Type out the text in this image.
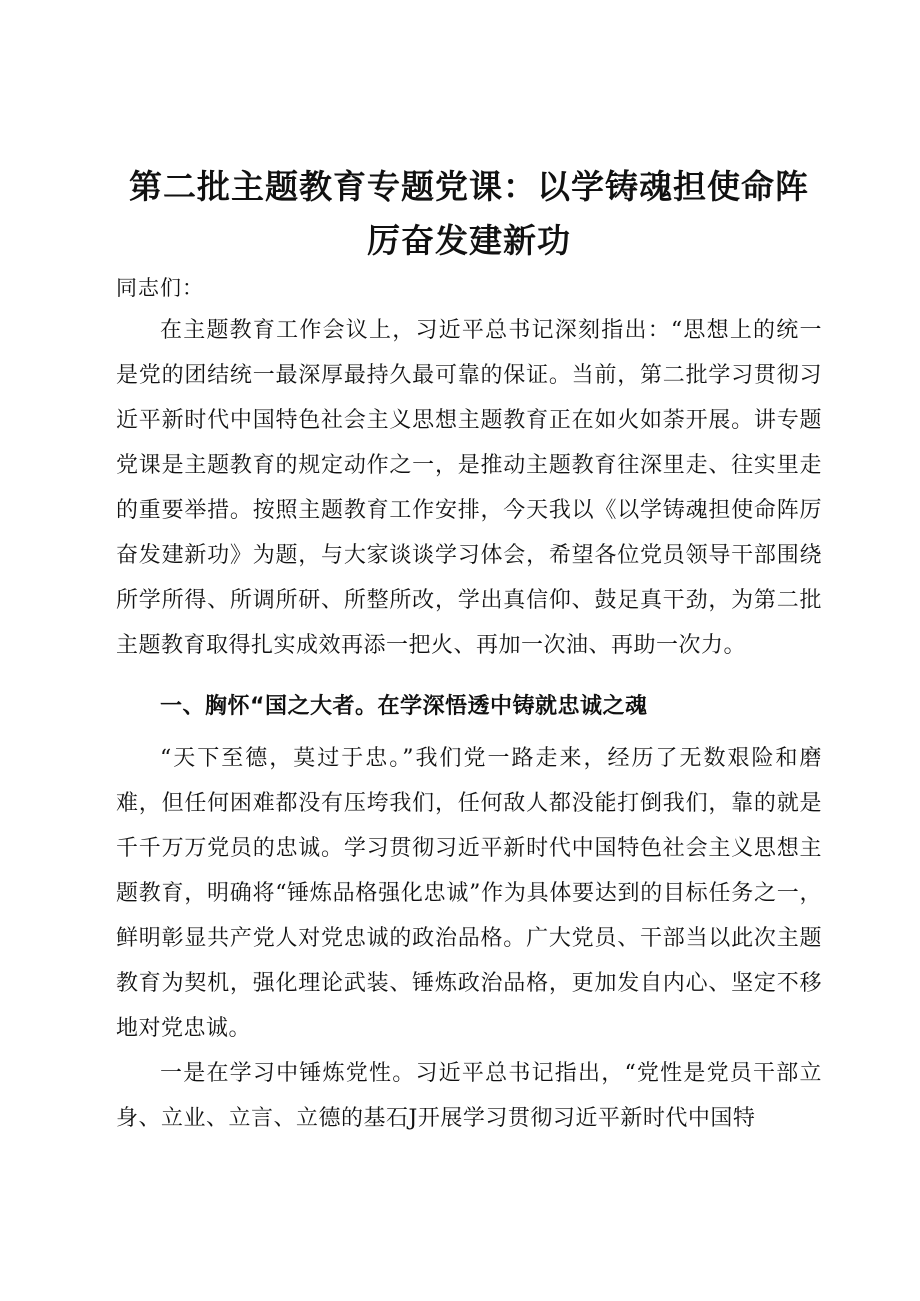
第二批主题教育专题党课：以学铸魂担使命阵
厉奋发建新功

同志们：

在主题教育工作会议上，习近平总书记深刻指出：“思想上的统一是党的团结统一最深厚最持久最可靠的保证。当前，第二批学习贯彻习近平新时代中国特色社会主义思想主题教育正在如火如荼开展。讲专题党课是主题教育的规定动作之一，是推动主题教育往深里走、往实里走的重要举措。按照主题教育工作安排，今天我以《以学铸魂担使命阵厉奋发建新功》为题，与大家谈谈学习体会，希望各位党员领导干部围绕所学所得、所调所研、所整所改，学出真信仰、鼓足真干劲，为第二批主题教育取得扎实成效再添一把火、再加一次油、再助一次力。

一、胸怀“国之大者。在学深悟透中铸就忠诚之魂

“天下至德，莫过于忠。”我们党一路走来，经历了无数艰险和磨难，但任何困难都没有压垮我们，任何敌人都没能打倒我们，靠的就是千千万万党员的忠诚。学习贯彻习近平新时代中国特色社会主义思想主题教育，明确将“锤炼品格强化忠诚”作为具体要达到的目标任务之一，鲜明彰显共产党人对党忠诚的政治品格。广大党员、干部当以此次主题教育为契机，强化理论武装、锤炼政治品格，更加发自内心、坚定不移地对党忠诚。

一是在学习中锤炼党性。习近平总书记指出，“党性是党员干部立身、立业、立言、立德的基石J开展学习贯彻习近平新时代中国特
